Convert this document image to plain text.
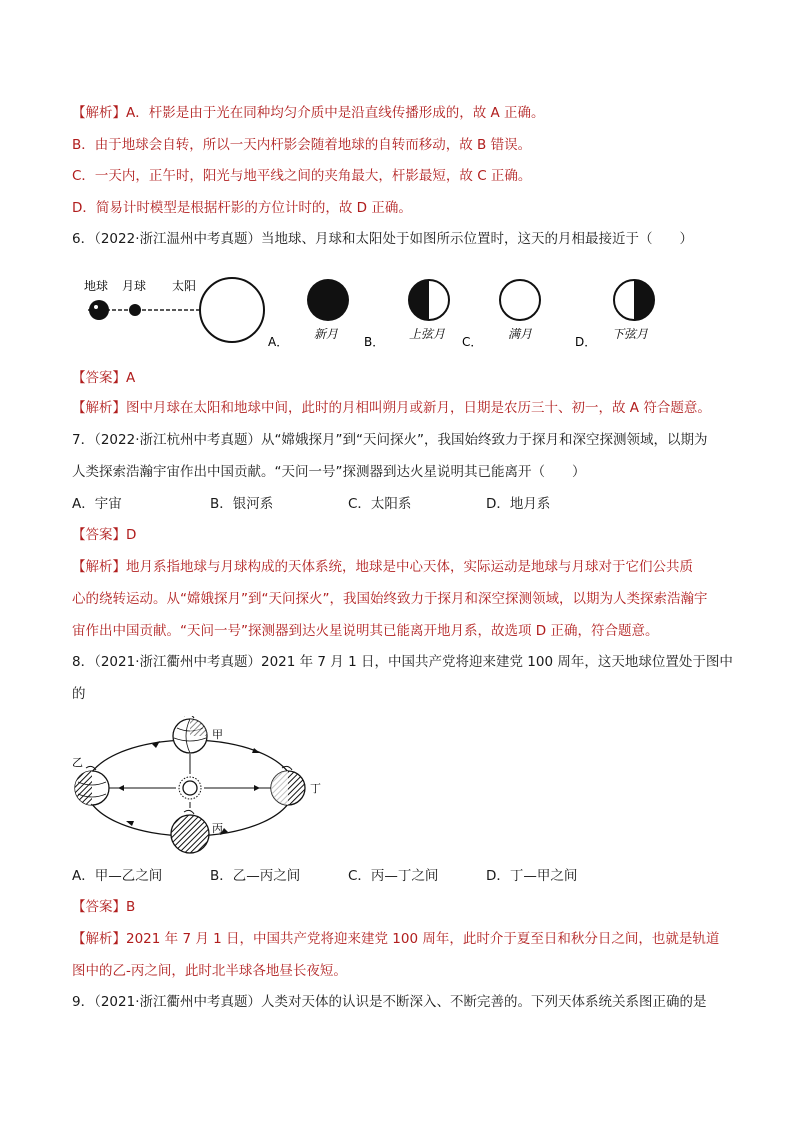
【解析】A．杆影是由于光在同种均匀介质中是沿直线传播形成的，故 A 正确。
B．由于地球会自转，所以一天内杆影会随着地球的自转而移动，故 B 错误。
C．一天内，正午时，阳光与地平线之间的夹角最大，杆影最短，故 C 正确。
D．简易计时模型是根据杆影的方位计时的，故 D 正确。
6．（2022·浙江温州中考真题）当地球、月球和太阳处于如图所示位置时，这天的月相最接近于（　　）
地球 月球 太阳
A．
新月
B．
上弦月
C．
满月
D．
下弦月
【答案】A
【解析】图中月球在太阳和地球中间，此时的月相叫朔月或新月，日期是农历三十、初一，故 A 符合题意。
7．（2022·浙江杭州中考真题）从“嫦娥探月”到“天问探火”，我国始终致力于探月和深空探测领域，以期为
人类探索浩瀚宇宙作出中国贡献。“天问一号”探测器到达火星说明其已能离开（　　）
A．宇宙	B．银河系	C．太阳系	D．地月系
【答案】D
【解析】地月系指地球与月球构成的天体系统，地球是中心天体，实际运动是地球与月球对于它们公共质
心的绕转运动。从“嫦娥探月”到“天问探火”，我国始终致力于探月和深空探测领域，以期为人类探索浩瀚宇
宙作出中国贡献。“天问一号”探测器到达火星说明其已能离开地月系，故选项 D 正确，符合题意。
8．（2021·浙江衢州中考真题）2021 年 7 月 1 日，中国共产党将迎来建党 100 周年，这天地球位置处于图中
的
甲
乙
丁
丙
A．甲—乙之间	B．乙—丙之间	C．丙—丁之间	D．丁—甲之间
【答案】B
【解析】2021 年 7 月 1 日，中国共产党将迎来建党 100 周年，此时介于夏至日和秋分日之间，也就是轨道
图中的乙-丙之间，此时北半球各地昼长夜短。
9．（2021·浙江衢州中考真题）人类对天体的认识是不断深入、不断完善的。下列天体系统关系图正确的是
